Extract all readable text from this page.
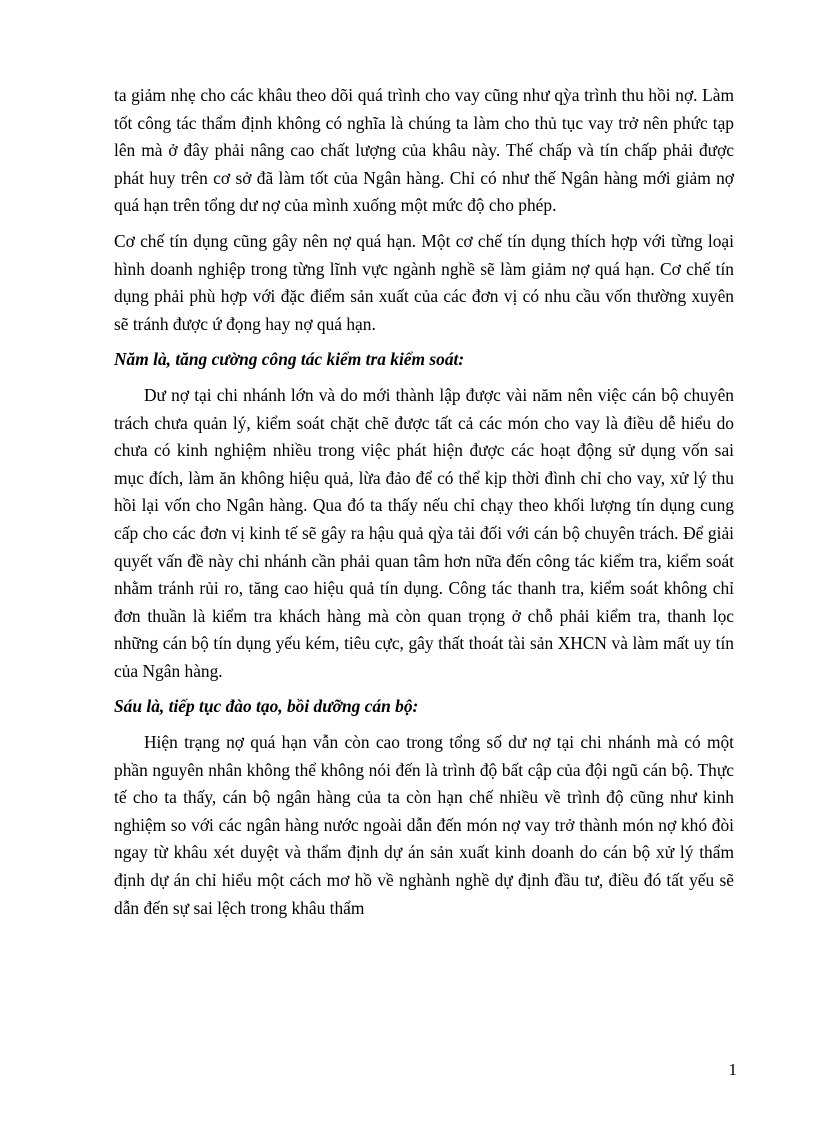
ta giảm nhẹ cho các khâu theo dõi quá trình cho vay cũng như qỳa trình thu hồi nợ. Làm tốt công tác thẩm định không có nghĩa là chúng ta làm cho thủ tục vay trở nên phức tạp lên mà ở đây phải nâng cao chất lượng của khâu này. Thế chấp và tín chấp phải được phát huy trên cơ sở đã làm tốt của Ngân hàng. Chỉ có như thế Ngân hàng mới giảm nợ quá hạn trên tổng dư nợ của mình xuống một mức độ cho phép.

Cơ chế tín dụng cũng gây nên nợ quá hạn. Một cơ chế tín dụng thích hợp với từng loại hình doanh nghiệp trong từng lĩnh vực ngành nghề sẽ làm giảm nợ quá hạn. Cơ chế tín dụng phải phù hợp với đặc điểm sản xuất của các đơn vị có nhu cầu vốn thường xuyên sẽ tránh được ứ đọng hay nợ quá hạn.

Năm là, tăng cường công tác kiểm tra kiểm soát:

Dư nợ tại chi nhánh lớn và do mới thành lập được vài năm nên việc cán bộ chuyên trách chưa quản lý, kiểm soát chặt chẽ được tất cả các món cho vay là điều dễ hiểu do chưa có kinh nghiệm nhiều trong việc phát hiện được các hoạt động sử dụng vốn sai mục đích, làm ăn không hiệu quả, lừa đảo để có thể kịp thời đình chỉ cho vay, xử lý thu hồi lại vốn cho Ngân hàng. Qua đó ta thấy nếu chỉ chạy theo khối lượng tín dụng cung cấp cho các đơn vị kinh tế sẽ gây ra hậu quả qỳa tải đối với cán bộ chuyên trách. Để giải quyết vấn đề này chi nhánh cần phải quan tâm hơn nữa đến công tác kiểm tra, kiểm soát nhằm tránh rủi ro, tăng cao hiệu quả tín dụng. Công tác thanh tra, kiểm soát không chỉ đơn thuần là kiểm tra khách hàng mà còn quan trọng ở chỗ phải kiểm tra, thanh lọc những cán bộ tín dụng yếu kém, tiêu cực, gây thất thoát tài sản XHCN và làm mất uy tín của Ngân hàng.

Sáu là, tiếp tục đào tạo, bồi dưỡng cán bộ:

Hiện trạng nợ quá hạn vẫn còn cao trong tổng số dư nợ tại chi nhánh mà có một phần nguyên nhân không thể không nói đến là trình độ bất cập của đội ngũ cán bộ. Thực tế cho ta thấy, cán bộ ngân hàng của ta còn hạn chế nhiều về trình độ cũng như kinh nghiệm so với các ngân hàng nước ngoài dẫn đến món nợ vay trở thành món nợ khó đòi ngay từ khâu xét duyệt và thẩm định dự án sản xuất kinh doanh do cán bộ xử lý thẩm định dự án chỉ hiểu một cách mơ hồ về nghành nghề dự định đầu tư, điều đó tất yếu sẽ dẫn đến sự sai lệch trong khâu thẩm

1
